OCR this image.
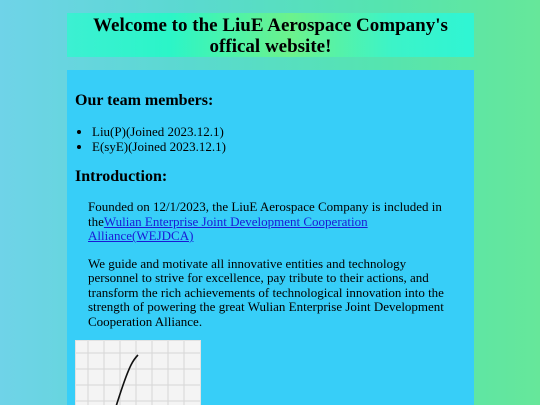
Welcome to the LiuE Aerospace Company's offical website!
Our team members:
• Liu(P)(Joined 2023.12.1)
• E(syE)(Joined 2023.12.1)
Introduction:

Founded on 12/1/2023, the LiuE Aerospace Company is included in theWulian Enterprise Joint Development Cooperation Alliance(WEJDCA)

We guide and motivate all innovative entities and technology personnel to strive for excellence, pay tribute to their actions, and transform the rich achievements of technological innovation into the strength of powering the great Wulian Enterprise Joint Development Cooperation Alliance.
